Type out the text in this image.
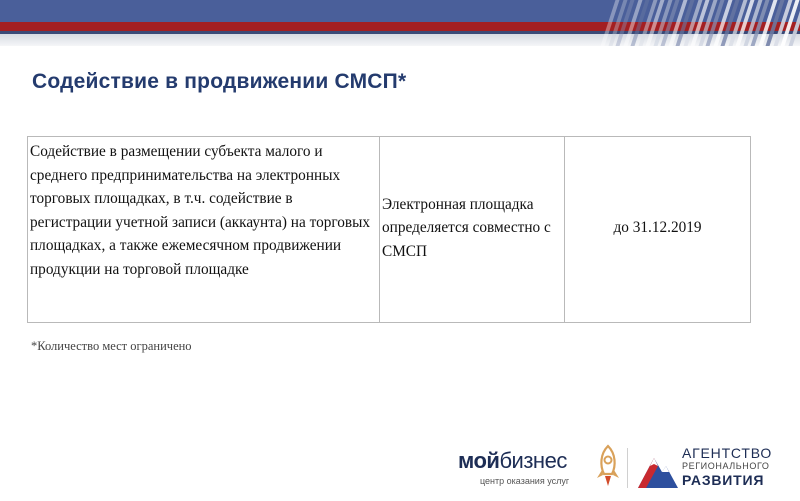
Содействие в продвижении СМСП*
Содействие в размещении субъекта малого и среднего предпринимательства на электронных торговых площадках, в т.ч. содействие в регистрации учетной записи (аккаунта) на торговых площадках, а также ежемесячном продвижении продукции на торговой площадке	Электронная площадка определяется совместно с СМСП	до 31.12.2019
*Количество мест ограничено
мойбизнес
центр оказания услуг
АГЕНТСТВО
РЕГИОНАЛЬНОГО
РАЗВИТИЯ
